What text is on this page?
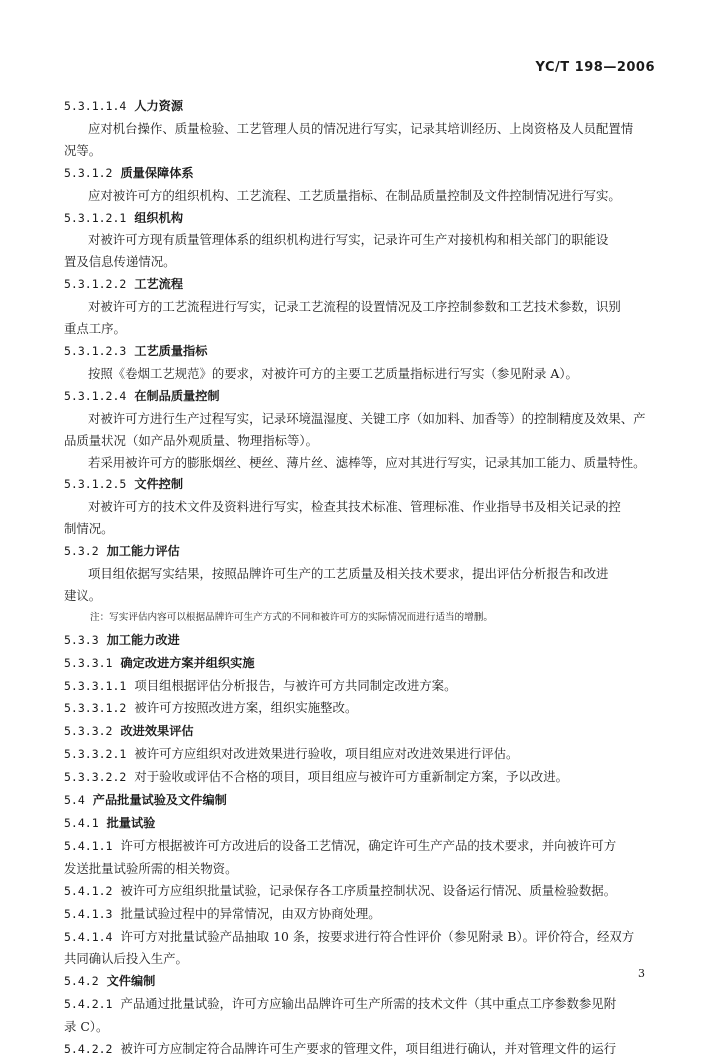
YC/T 198—2006
5.3.1.1.4 人力资源
应对机台操作、质量检验、工艺管理人员的情况进行写实，记录其培训经历、上岗资格及人员配置情
况等。
5.3.1.2 质量保障体系
应对被许可方的组织机构、工艺流程、工艺质量指标、在制品质量控制及文件控制情况进行写实。
5.3.1.2.1 组织机构
对被许可方现有质量管理体系的组织机构进行写实，记录许可生产对接机构和相关部门的职能设
置及信息传递情况。
5.3.1.2.2 工艺流程
对被许可方的工艺流程进行写实，记录工艺流程的设置情况及工序控制参数和工艺技术参数，识别
重点工序。
5.3.1.2.3 工艺质量指标
按照《卷烟工艺规范》的要求，对被许可方的主要工艺质量指标进行写实（参见附录 A）。
5.3.1.2.4 在制品质量控制
对被许可方进行生产过程写实，记录环境温湿度、关键工序（如加料、加香等）的控制精度及效果、产
品质量状况（如产品外观质量、物理指标等）。
若采用被许可方的膨胀烟丝、梗丝、薄片丝、滤棒等，应对其进行写实，记录其加工能力、质量特性。
5.3.1.2.5 文件控制
对被许可方的技术文件及资料进行写实，检查其技术标准、管理标准、作业指导书及相关记录的控
制情况。
5.3.2 加工能力评估
项目组依据写实结果，按照品牌许可生产的工艺质量及相关技术要求，提出评估分析报告和改进
建议。
注：写实评估内容可以根据品牌许可生产方式的不同和被许可方的实际情况而进行适当的增删。
5.3.3 加工能力改进
5.3.3.1 确定改进方案并组织实施
5.3.3.1.1 项目组根据评估分析报告，与被许可方共同制定改进方案。
5.3.3.1.2 被许可方按照改进方案，组织实施整改。
5.3.3.2 改进效果评估
5.3.3.2.1 被许可方应组织对改进效果进行验收，项目组应对改进效果进行评估。
5.3.3.2.2 对于验收或评估不合格的项目，项目组应与被许可方重新制定方案，予以改进。
5.4 产品批量试验及文件编制
5.4.1 批量试验
5.4.1.1 许可方根据被许可方改进后的设备工艺情况，确定许可生产产品的技术要求，并向被许可方
发送批量试验所需的相关物资。
5.4.1.2 被许可方应组织批量试验，记录保存各工序质量控制状况、设备运行情况、质量检验数据。
5.4.1.3 批量试验过程中的异常情况，由双方协商处理。
5.4.1.4 许可方对批量试验产品抽取 10 条，按要求进行符合性评价（参见附录 B）。评价符合，经双方
共同确认后投入生产。
5.4.2 文件编制
5.4.2.1 产品通过批量试验，许可方应输出品牌许可生产所需的技术文件（其中重点工序参数参见附
录 C）。
5.4.2.2 被许可方应制定符合品牌许可生产要求的管理文件，项目组进行确认，并对管理文件的运行
3
